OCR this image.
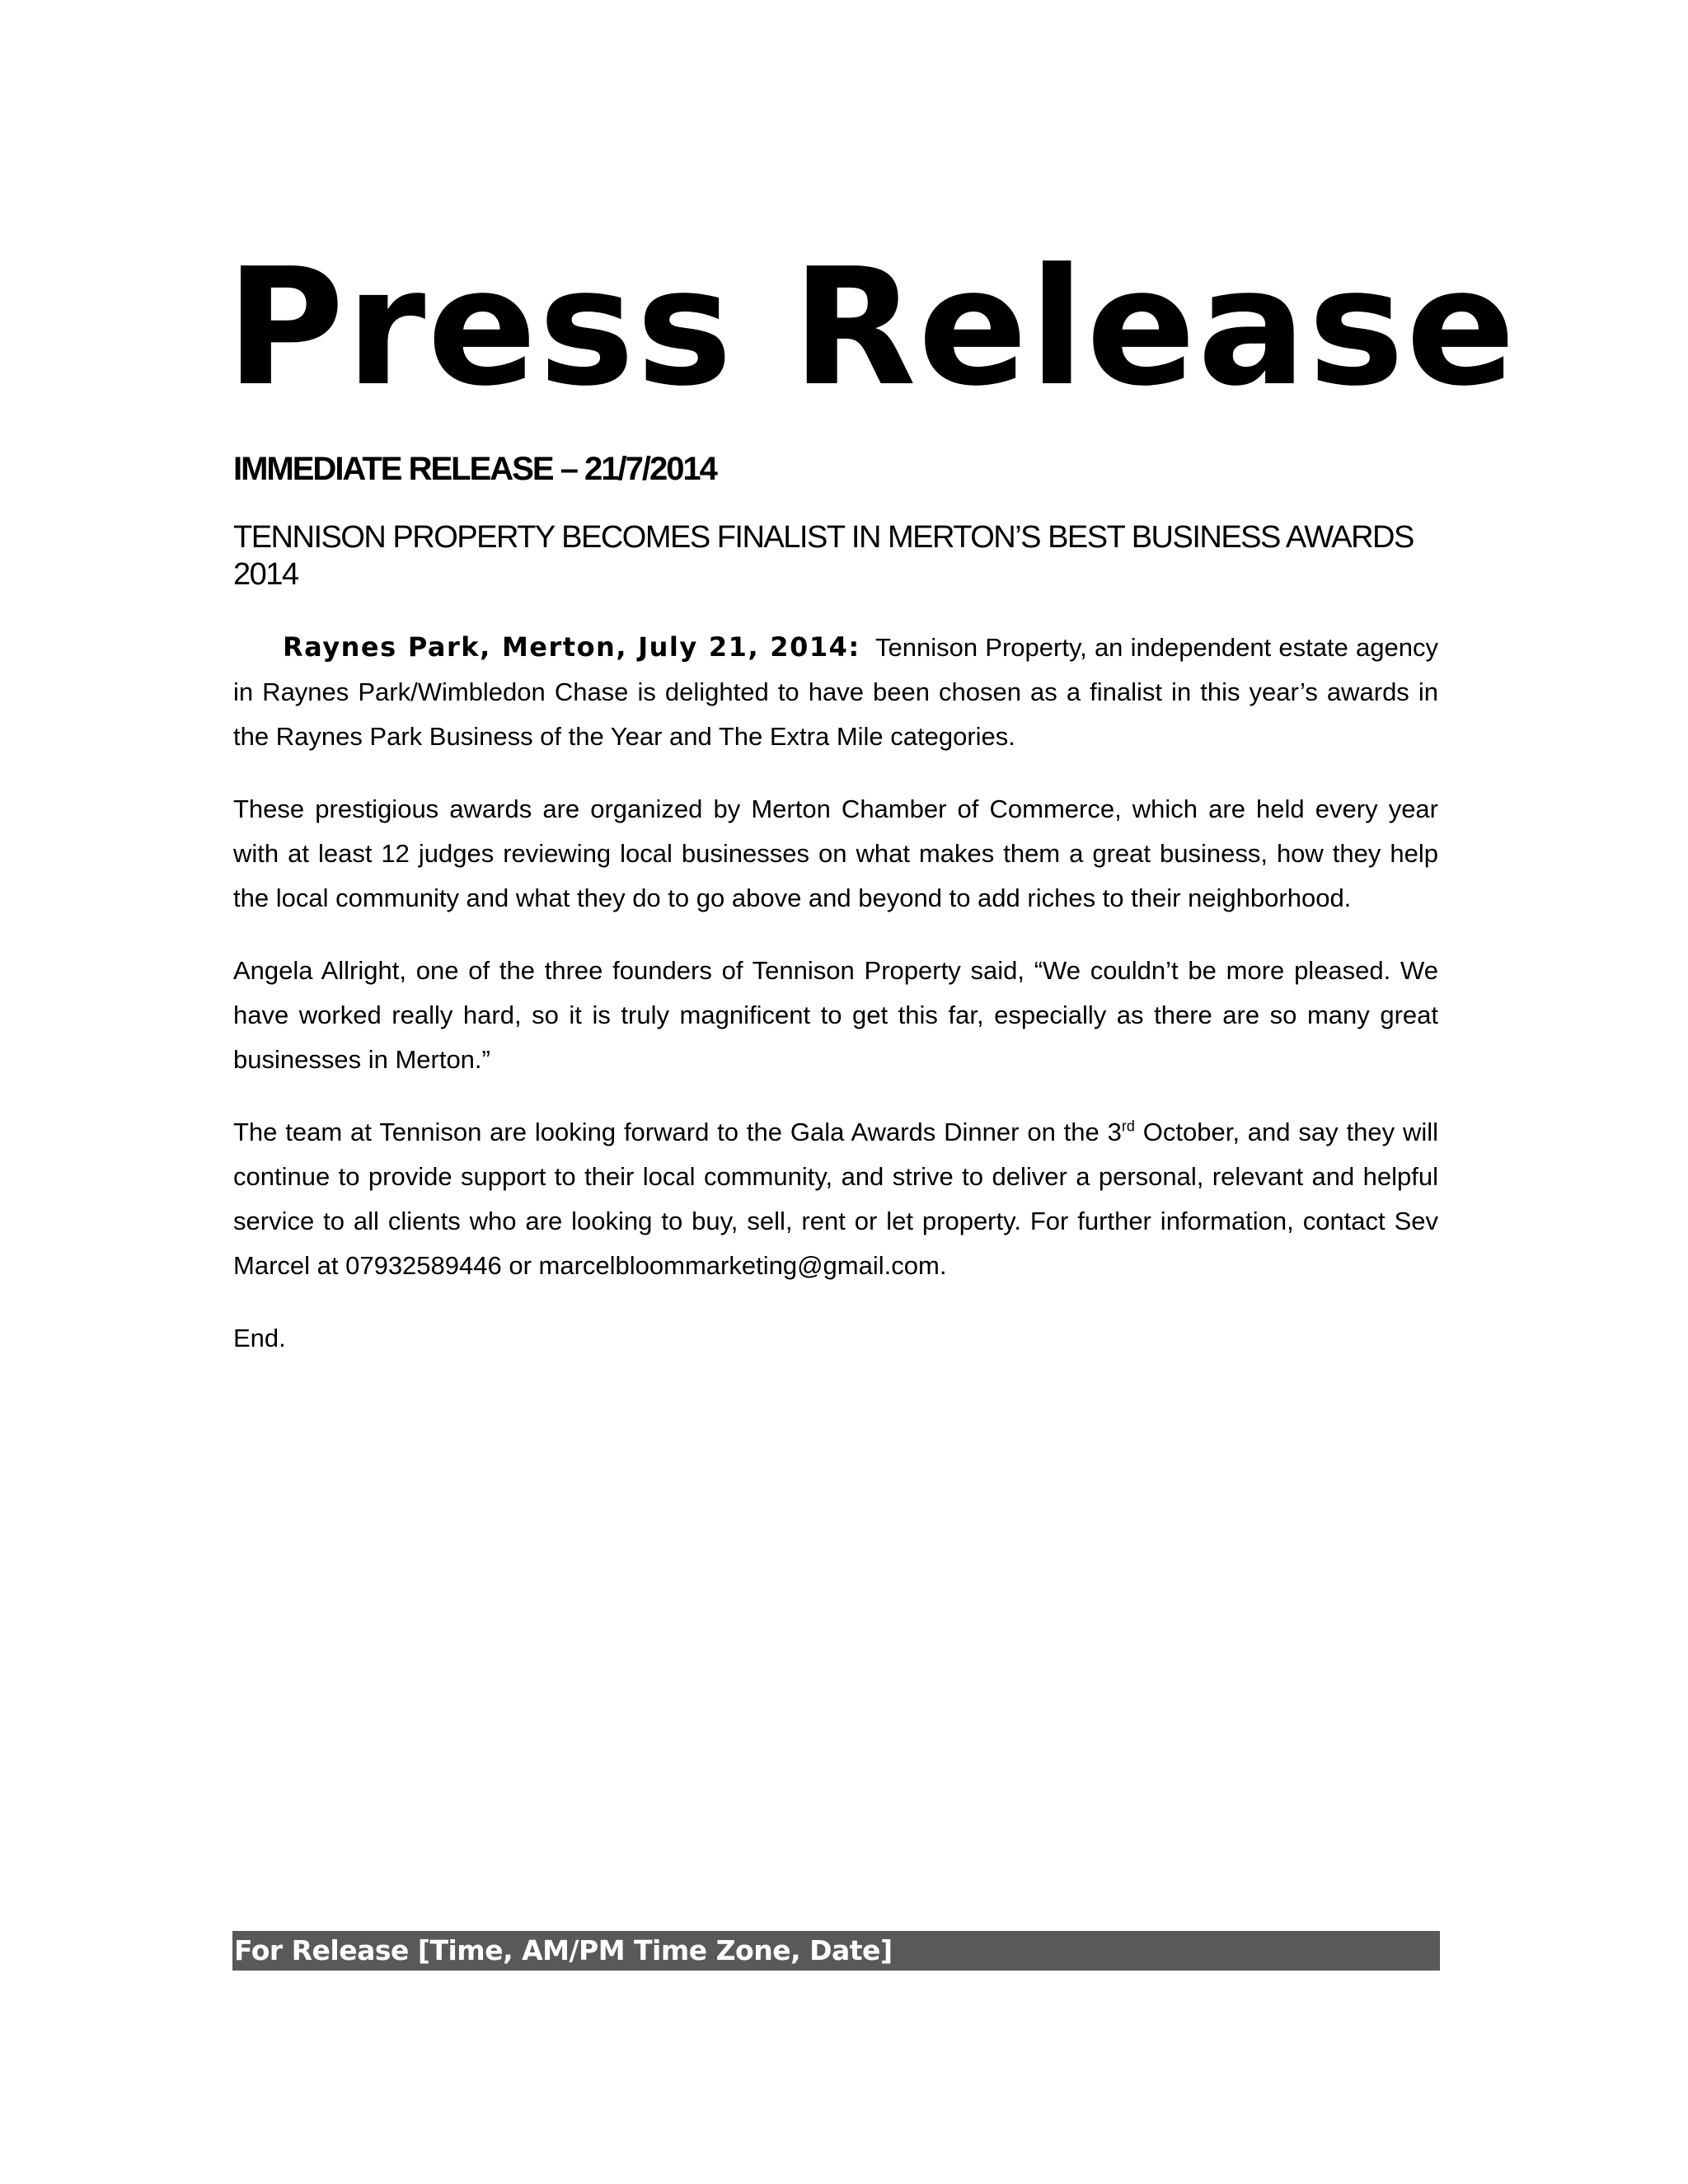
Press Release
IMMEDIATE RELEASE – 21/7/2014
TENNISON PROPERTY BECOMES FINALIST IN MERTON’S BEST BUSINESS AWARDS 2014

Raynes Park, Merton, July 21, 2014: Tennison Property, an independent estate agency in Raynes Park/Wimbledon Chase is delighted to have been chosen as a finalist in this year’s awards in the Raynes Park Business of the Year and The Extra Mile categories.

These prestigious awards are organized by Merton Chamber of Commerce, which are held every year with at least 12 judges reviewing local businesses on what makes them a great business, how they help the local community and what they do to go above and beyond to add riches to their neighborhood.

Angela Allright, one of the three founders of Tennison Property said, “We couldn’t be more pleased. We have worked really hard, so it is truly magnificent to get this far, especially as there are so many great businesses in Merton.”

The team at Tennison are looking forward to the Gala Awards Dinner on the 3rd October, and say they will continue to provide support to their local community, and strive to deliver a personal, relevant and helpful service to all clients who are looking to buy, sell, rent or let property. For further information, contact Sev Marcel at 07932589446 or marcelbloommarketing@gmail.com.

End.

For Release [Time, AM/PM Time Zone, Date]
